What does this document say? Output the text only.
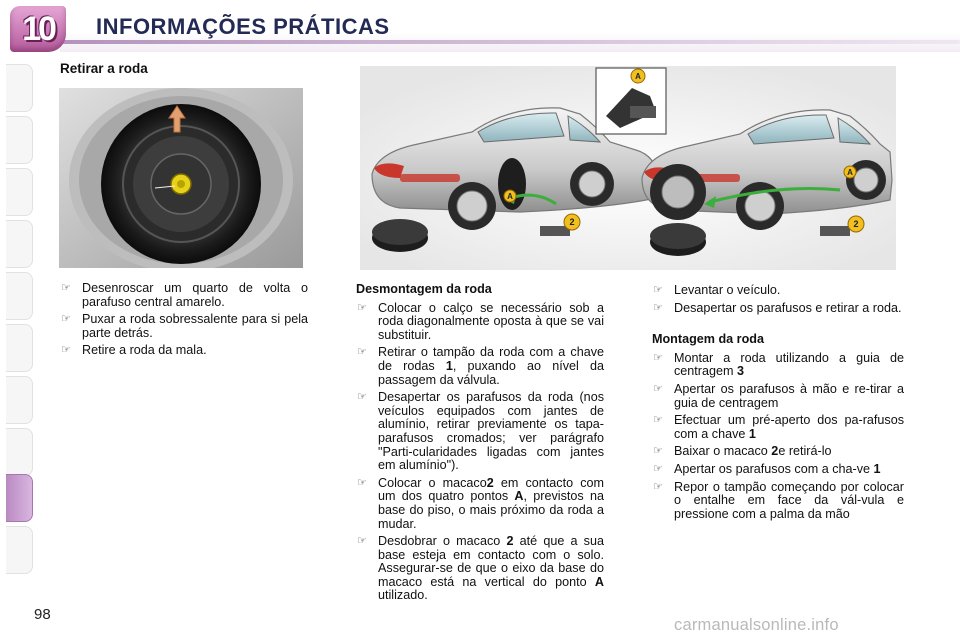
10	INFORMAÇÕES PRÁTICAS
Retirar a roda
A
A
2
A
2
☞ Desenroscar um quarto de volta o parafuso central amarelo.
☞ Puxar a roda sobressalente para si pela parte detrás.
☞ Retire a roda da mala.
Desmontagem da roda
☞ Colocar o calço se necessário sob a roda diagonalmente oposta à que se vai substituir.
☞ Retirar o tampão da roda com a chave de rodas 1, puxando ao nível da passagem da válvula.
☞ Desapertar os parafusos da roda (nos veículos equipados com jantes de alumínio, retirar previamente os tapa-parafusos cromados; ver parágrafo "Parti-cularidades ligadas com jantes em alumínio").
☞ Colocar o macaco2 em contacto com um dos quatro pontos A, previstos na base do piso, o mais próximo da roda a mudar.
☞ Desdobrar o macaco 2 até que a sua base esteja em contacto com o solo. Assegurar-se de que o eixo da base do macaco está na vertical do ponto A utilizado.
☞ Levantar o veículo.
☞ Desapertar os parafusos e retirar a roda.
Montagem da roda
☞ Montar a roda utilizando a guia de centragem 3
☞ Apertar os parafusos à mão e re-tirar a guia de centragem
☞ Efectuar um pré-aperto dos pa-rafusos com a chave 1
☞ Baixar o macaco 2e retirá-lo
☞ Apertar os parafusos com a cha-ve 1
☞ Repor o tampão começando por colocar o entalhe em face da vál-vula e pressione com a palma da mão
98
carmanualsonline.info
